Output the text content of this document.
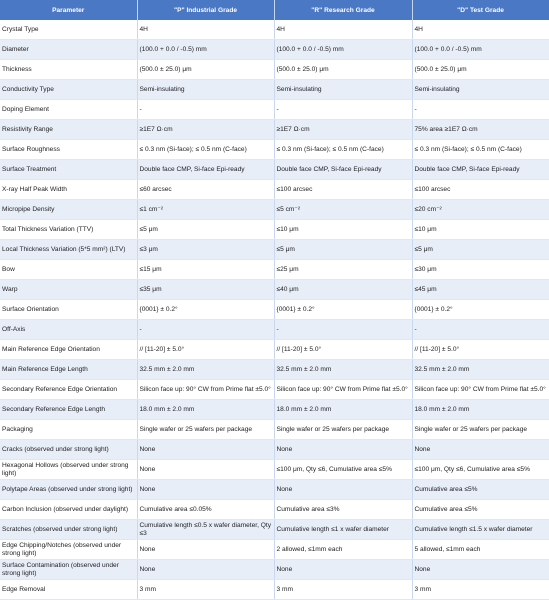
Parameter	"P" Industrial Grade	"R" Research Grade	"D" Test Grade
Crystal Type	4H	4H	4H
Diameter	(100.0 + 0.0 / -0.5) mm	(100.0 + 0.0 / -0.5) mm	(100.0 + 0.0 / -0.5) mm
Thickness	(500.0 ± 25.0) μm	(500.0 ± 25.0) μm	(500.0 ± 25.0) μm
Conductivity Type	Semi-insulating	Semi-insulating	Semi-insulating
Doping Element	-	-	-
Resistivity Range	≥1E7 Ω·cm	≥1E7 Ω·cm	75% area ≥1E7 Ω·cm
Surface Roughness	≤ 0.3 nm (Si-face); ≤ 0.5 nm (C-face)	≤ 0.3 nm (Si-face); ≤ 0.5 nm (C-face)	≤ 0.3 nm (Si-face); ≤ 0.5 nm (C-face)
Surface Treatment	Double face CMP, Si-face Epi-ready	Double face CMP, Si-face Epi-ready	Double face CMP, Si-face Epi-ready
X-ray Half Peak Width	≤60 arcsec	≤100 arcsec	≤100 arcsec
Micropipe Density	≤1 cm⁻²	≤5 cm⁻²	≤20 cm⁻²
Total Thickness Variation (TTV)	≤5 μm	≤10 μm	≤10 μm
Local Thickness Variation (5*5 mm²) (LTV)	≤3 μm	≤5 μm	≤5 μm
Bow	≤15 μm	≤25 μm	≤30 μm
Warp	≤35 μm	≤40 μm	≤45 μm
Surface Orientation	{0001} ± 0.2°	{0001} ± 0.2°	{0001} ± 0.2°
Off-Axis	-	-	-
Main Reference Edge Orientation	// [11-20] ± 5.0°	// [11-20] ± 5.0°	// [11-20] ± 5.0°
Main Reference Edge Length	32.5 mm ± 2.0 mm	32.5 mm ± 2.0 mm	32.5 mm ± 2.0 mm
Secondary Reference Edge Orientation	Silicon face up: 90° CW from Prime flat ±5.0°	Silicon face up: 90° CW from Prime flat ±5.0°	Silicon face up: 90° CW from Prime flat ±5.0°
Secondary Reference Edge Length	18.0 mm ± 2.0 mm	18.0 mm ± 2.0 mm	18.0 mm ± 2.0 mm
Packaging	Single wafer or 25 wafers per package	Single wafer or 25 wafers per package	Single wafer or 25 wafers per package
Cracks (observed under strong light)	None	None	None
Hexagonal Hollows (observed under strong light)	None	≤100 μm, Qty ≤6, Cumulative area ≤5%	≤100 μm, Qty ≤6, Cumulative area ≤5%
Polytape Areas (observed under strong light)	None	None	Cumulative area ≤5%
Carbon Inclusion (observed under daylight)	Cumulative area ≤0.05%	Cumulative area ≤3%	Cumulative area ≤5%
Scratches (observed under strong light)	Cumulative length ≤0.5 x wafer diameter, Qty ≤3	Cumulative length ≤1 x wafer diameter	Cumulative length ≤1.5 x wafer diameter
Edge Chipping/Notches (observed under strong light)	None	2 allowed, ≤1mm each	5 allowed, ≤1mm each
Surface Contamination (observed under strong light)	None	None	None
Edge Removal	3 mm	3 mm	3 mm
